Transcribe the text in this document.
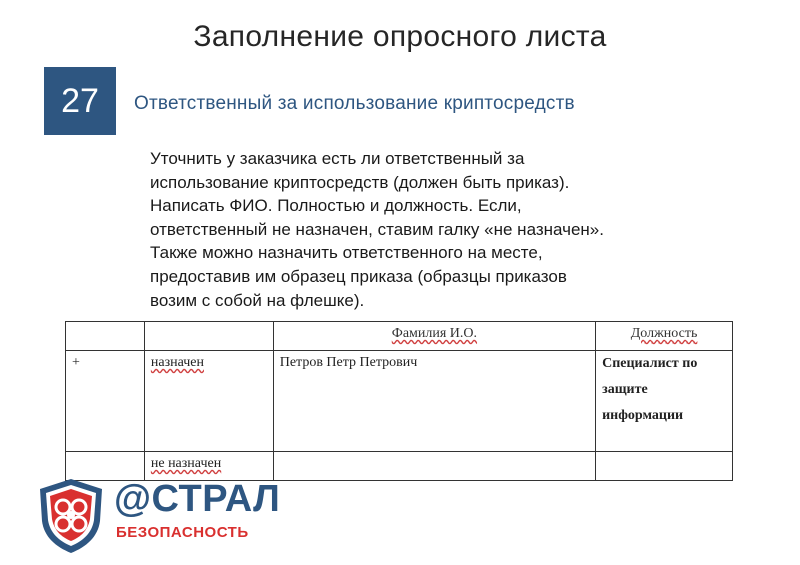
Заполнение опросного листа
27	Ответственный за использование криптосредств
Уточнить у заказчика есть ли ответственный за
использование криптосредств (должен быть приказ).
Написать ФИО. Полностью и должность. Если,
ответственный не назначен, ставим галку «не назначен».
Также можно назначить ответственного на месте,
предоставив им образец приказа (образцы приказов
возим с собой на флешке).
		Фамилия И.О.	Должность
+	назначен	Петров Петр Петрович	Специалист по
защите
информации

	не назначен		
@СТРАЛ
БЕЗОПАСНОСТЬ
